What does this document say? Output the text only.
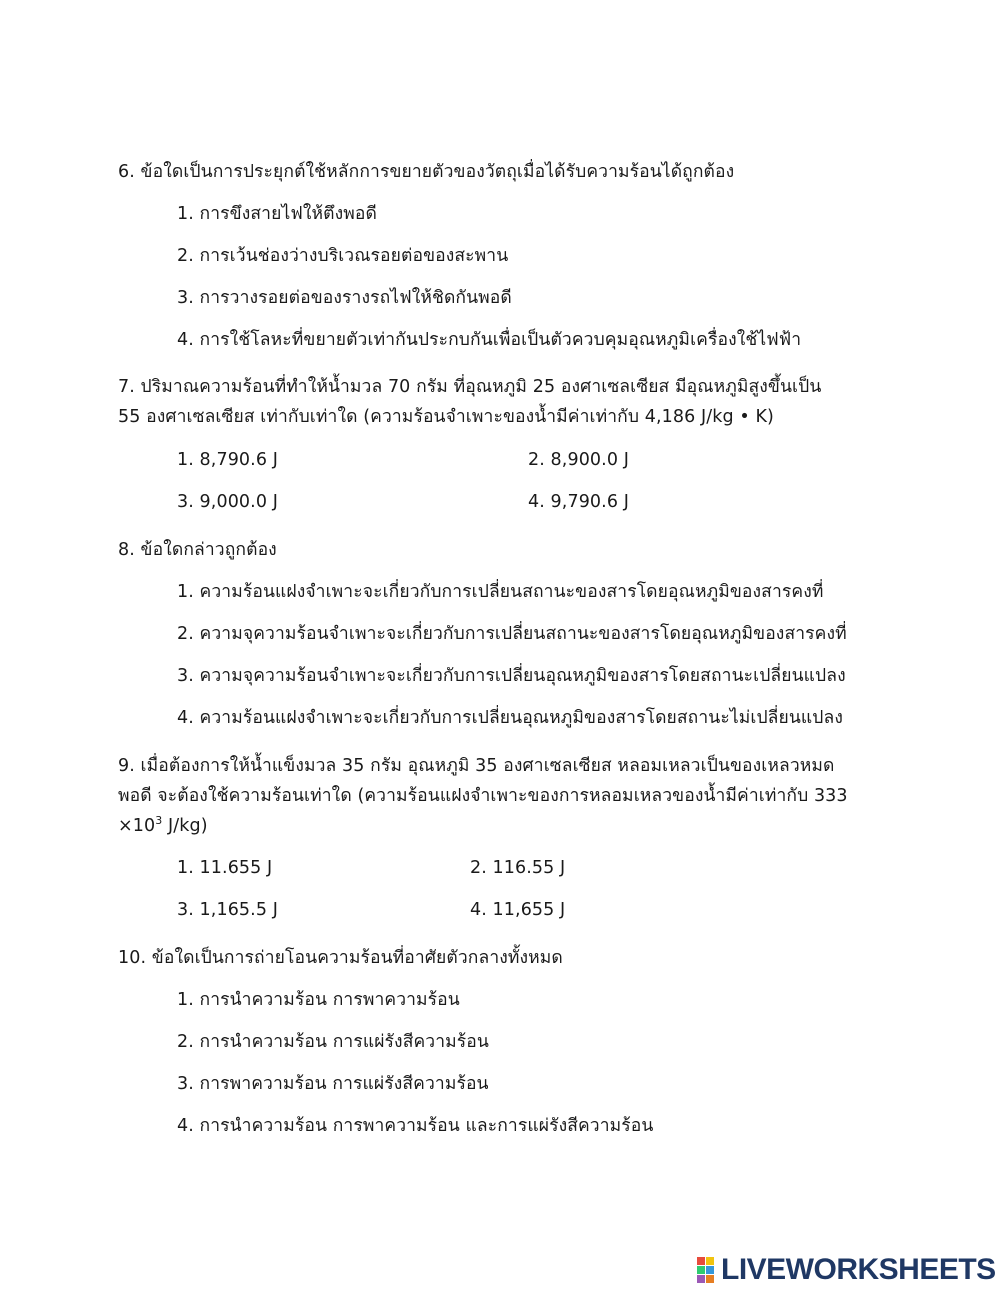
6. ข้อใดเป็นการประยุกต์ใช้หลักการขยายตัวของวัตถุเมื่อได้รับความร้อนได้ถูกต้อง
1. การขึงสายไฟให้ตึงพอดี
2. การเว้นช่องว่างบริเวณรอยต่อของสะพาน
3. การวางรอยต่อของรางรถไฟให้ชิดกันพอดี
4. การใช้โลหะที่ขยายตัวเท่ากันประกบกันเพื่อเป็นตัวควบคุมอุณหภูมิเครื่องใช้ไฟฟ้า
7. ปริมาณความร้อนที่ทำให้น้ำมวล 70 กรัม ที่อุณหภูมิ 25 องศาเซลเซียส มีอุณหภูมิสูงขึ้นเป็น
55 องศาเซลเซียส เท่ากับเท่าใด (ความร้อนจำเพาะของน้ำมีค่าเท่ากับ 4,186 J/kg • K)
1. 8,790.6 J	2. 8,900.0 J
3. 9,000.0 J	4. 9,790.6 J
8. ข้อใดกล่าวถูกต้อง
1. ความร้อนแฝงจำเพาะจะเกี่ยวกับการเปลี่ยนสถานะของสารโดยอุณหภูมิของสารคงที่
2. ความจุความร้อนจำเพาะจะเกี่ยวกับการเปลี่ยนสถานะของสารโดยอุณหภูมิของสารคงที่
3. ความจุความร้อนจำเพาะจะเกี่ยวกับการเปลี่ยนอุณหภูมิของสารโดยสถานะเปลี่ยนแปลง
4. ความร้อนแฝงจำเพาะจะเกี่ยวกับการเปลี่ยนอุณหภูมิของสารโดยสถานะไม่เปลี่ยนแปลง
9. เมื่อต้องการให้น้ำแข็งมวล 35 กรัม อุณหภูมิ 35 องศาเซลเซียส หลอมเหลวเป็นของเหลวหมด
พอดี จะต้องใช้ความร้อนเท่าใด (ความร้อนแฝงจำเพาะของการหลอมเหลวของน้ำมีค่าเท่ากับ 333
$\times 10^3$ J/kg)
1. 11.655 J	2. 116.55 J
3. 1,165.5 J	4. 11,655 J
10. ข้อใดเป็นการถ่ายโอนความร้อนที่อาศัยตัวกลางทั้งหมด
1. การนำความร้อน การพาความร้อน
2. การนำความร้อน การแผ่รังสีความร้อน
3. การพาความร้อน การแผ่รังสีความร้อน
4. การนำความร้อน การพาความร้อน และการแผ่รังสีความร้อน
LIVEWORKSHEETS
